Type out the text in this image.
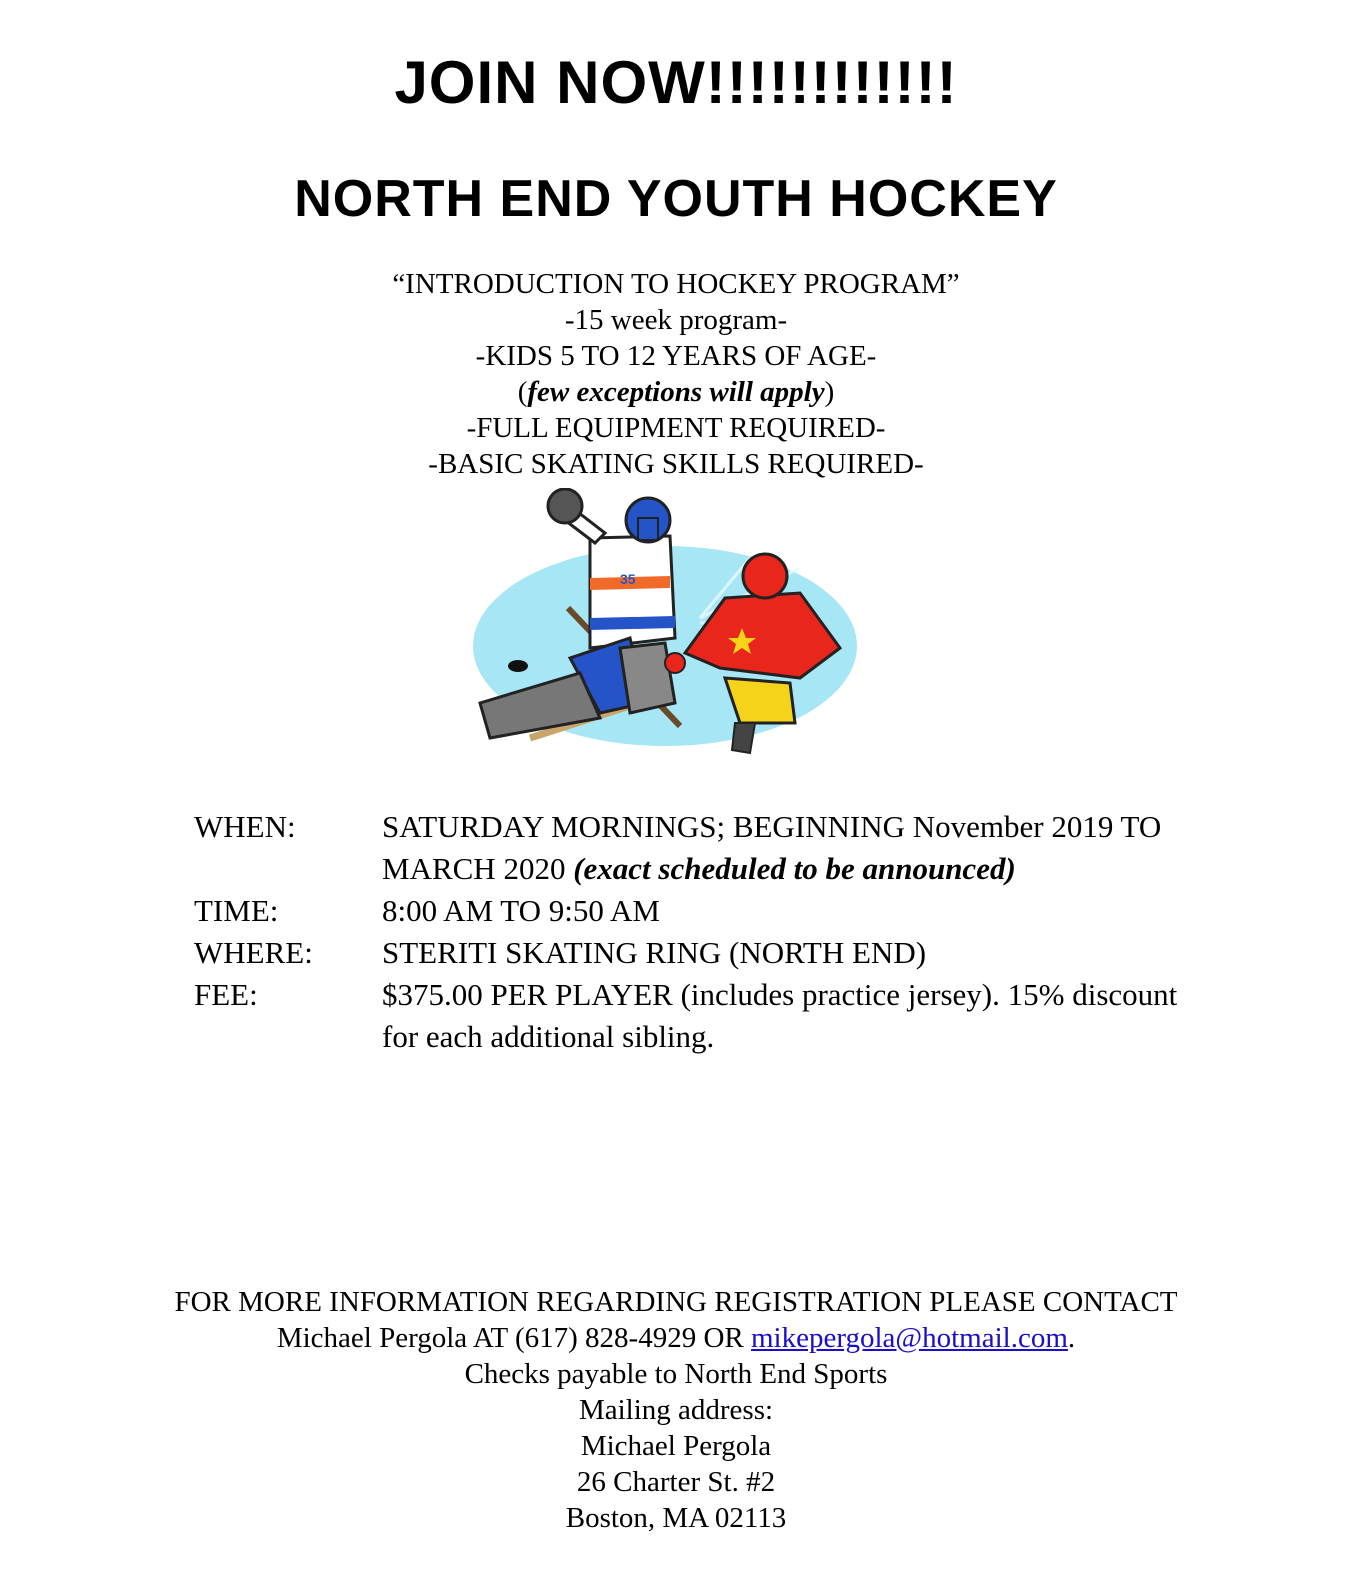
JOIN NOW!!!!!!!!!!!!
NORTH END YOUTH HOCKEY
“INTRODUCTION TO HOCKEY PROGRAM”
-15 week program-
-KIDS 5 TO 12 YEARS OF AGE-
(few exceptions will apply)
-FULL EQUIPMENT REQUIRED-
-BASIC SKATING SKILLS REQUIRED-
35
WHEN:	SATURDAY MORNINGS; BEGINNING November 2019 TO MARCH 2020 (exact scheduled to be announced)
TIME:	8:00 AM TO 9:50 AM
WHERE:	STERITI SKATING RING (NORTH END)
FEE:	$375.00 PER PLAYER (includes practice jersey). 15% discount for each additional sibling.
FOR MORE INFORMATION REGARDING REGISTRATION PLEASE CONTACT
Michael Pergola AT (617) 828-4929 OR mikepergola@hotmail.com.
Checks payable to North End Sports
Mailing address:
Michael Pergola
26 Charter St. #2
Boston, MA 02113
